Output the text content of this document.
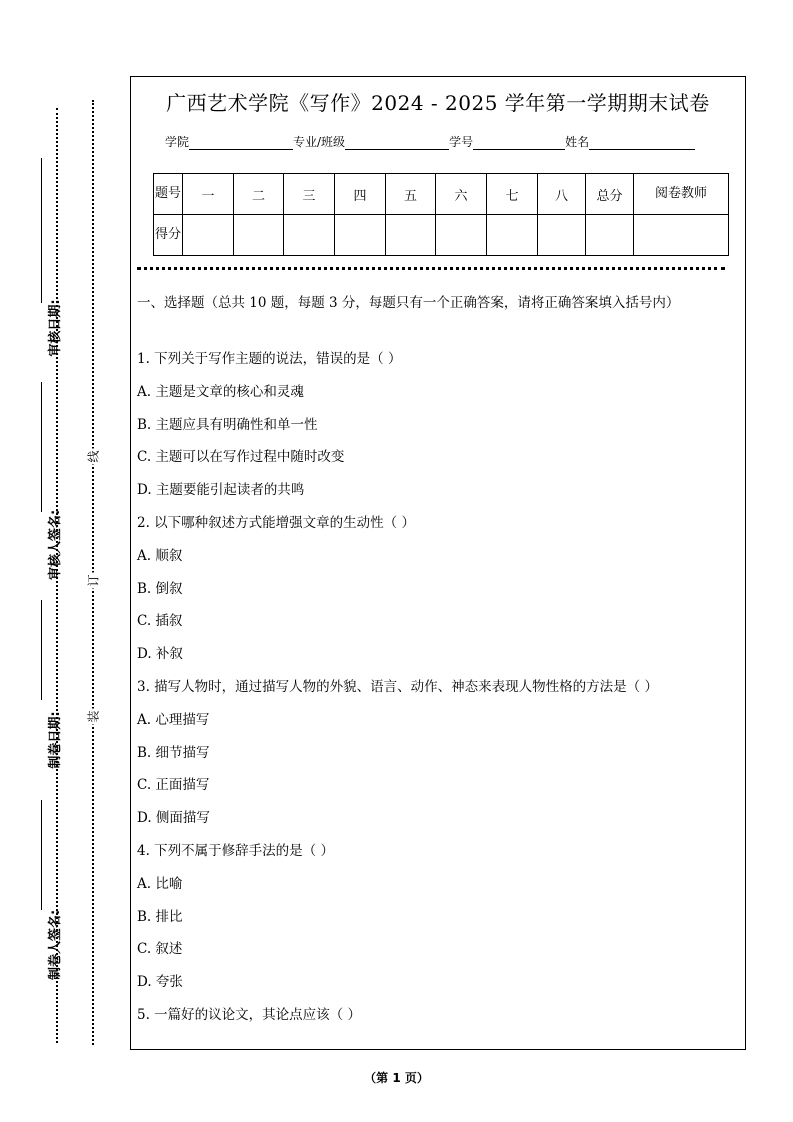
审核日期:
审核人签名:
制卷日期:
制卷人签名:
线
订
装
广西艺术学院《写作》2024 - 2025 学年第一学期期末试卷
学院	专业/班级	学号	姓名
题号	一	二	三	四	五	六	七	八	总分	阅卷教师
得分										
一、选择题（总共 10 题，每题 3 分，每题只有一个正确答案，请将正确答案填入括号内）
1. 下列关于写作主题的说法，错误的是（ ）
A. 主题是文章的核心和灵魂
B. 主题应具有明确性和单一性
C. 主题可以在写作过程中随时改变
D. 主题要能引起读者的共鸣
2. 以下哪种叙述方式能增强文章的生动性（ ）
A. 顺叙
B. 倒叙
C. 插叙
D. 补叙
3. 描写人物时，通过描写人物的外貌、语言、动作、神态来表现人物性格的方法是（ ）
A. 心理描写
B. 细节描写
C. 正面描写
D. 侧面描写
4. 下列不属于修辞手法的是（ ）
A. 比喻
B. 排比
C. 叙述
D. 夸张
5. 一篇好的议论文，其论点应该（ ）
（第 1 页）
